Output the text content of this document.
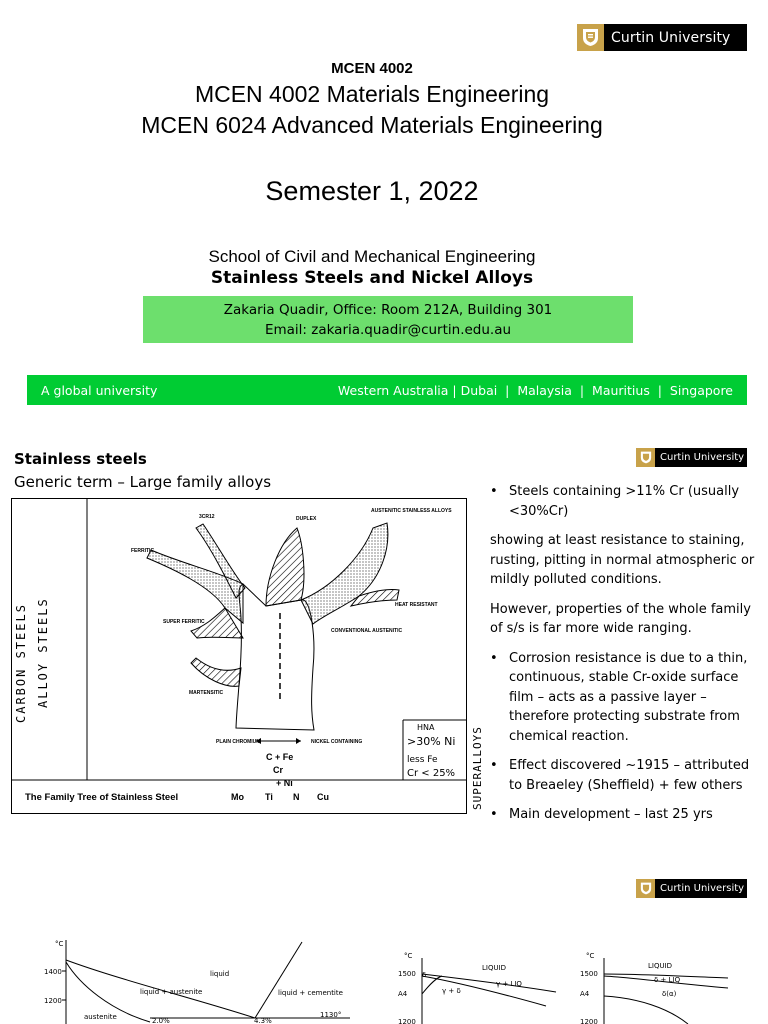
Curtin University
MCEN 4002
MCEN 4002 Materials Engineering
MCEN 6024 Advanced Materials Engineering
Semester 1, 2022
School of Civil and Mechanical Engineering
Stainless Steels and Nickel Alloys
Zakaria Quadir, Office: Room 212A, Building 301
Email: zakaria.quadir@curtin.edu.au
A global university	Western Australia | Dubai  |  Malaysia  |  Mauritius  |  Singapore
Curtin University
Stainless steels
Generic term – Large family alloys
DUPLEX
AUSTENITIC STAINLESS ALLOYS
3CR12
FERRITIC
SUPER FERRITIC
HEAT RESISTANT
CONVENTIONAL AUSTENITIC
MARTENSITIC
PLAIN CHROMIUM	NICKEL CONTAINING
C + Fe
Cr
+ Ni
The Family Tree of Stainless Steel	Mo Ti N Cu
CARBON STEELS ALLOY STEELS
SUPERALLOYS
HNA
>30% Ni
less Fe
Cr < 25%

• Steels containing >11% Cr (usually <30%Cr)

showing at least resistance to staining, rusting, pitting in normal atmospheric or mildly polluted conditions.

However, properties of the whole family of s/s is far more wide ranging.

• Corrosion resistance is due to a thin, continuous, stable Cr-oxide surface film – acts as a passive layer – therefore protecting substrate from chemical reaction.

• Effect discovered ~1915 – attributed to Breaeley (Sheffield) + few others

• Main development – last 25 yrs

Curtin University
°C
1400
1200
liquid
liquid + austenite	liquid + cementite
austenite	2.0%	4.3%
1130°
°C
1500
A4
1200
LIQUID
γ + LIQ
γ + δ
δ
°C
1500
A4
1200
LIQUID
δ + LIQ
δ(α)
